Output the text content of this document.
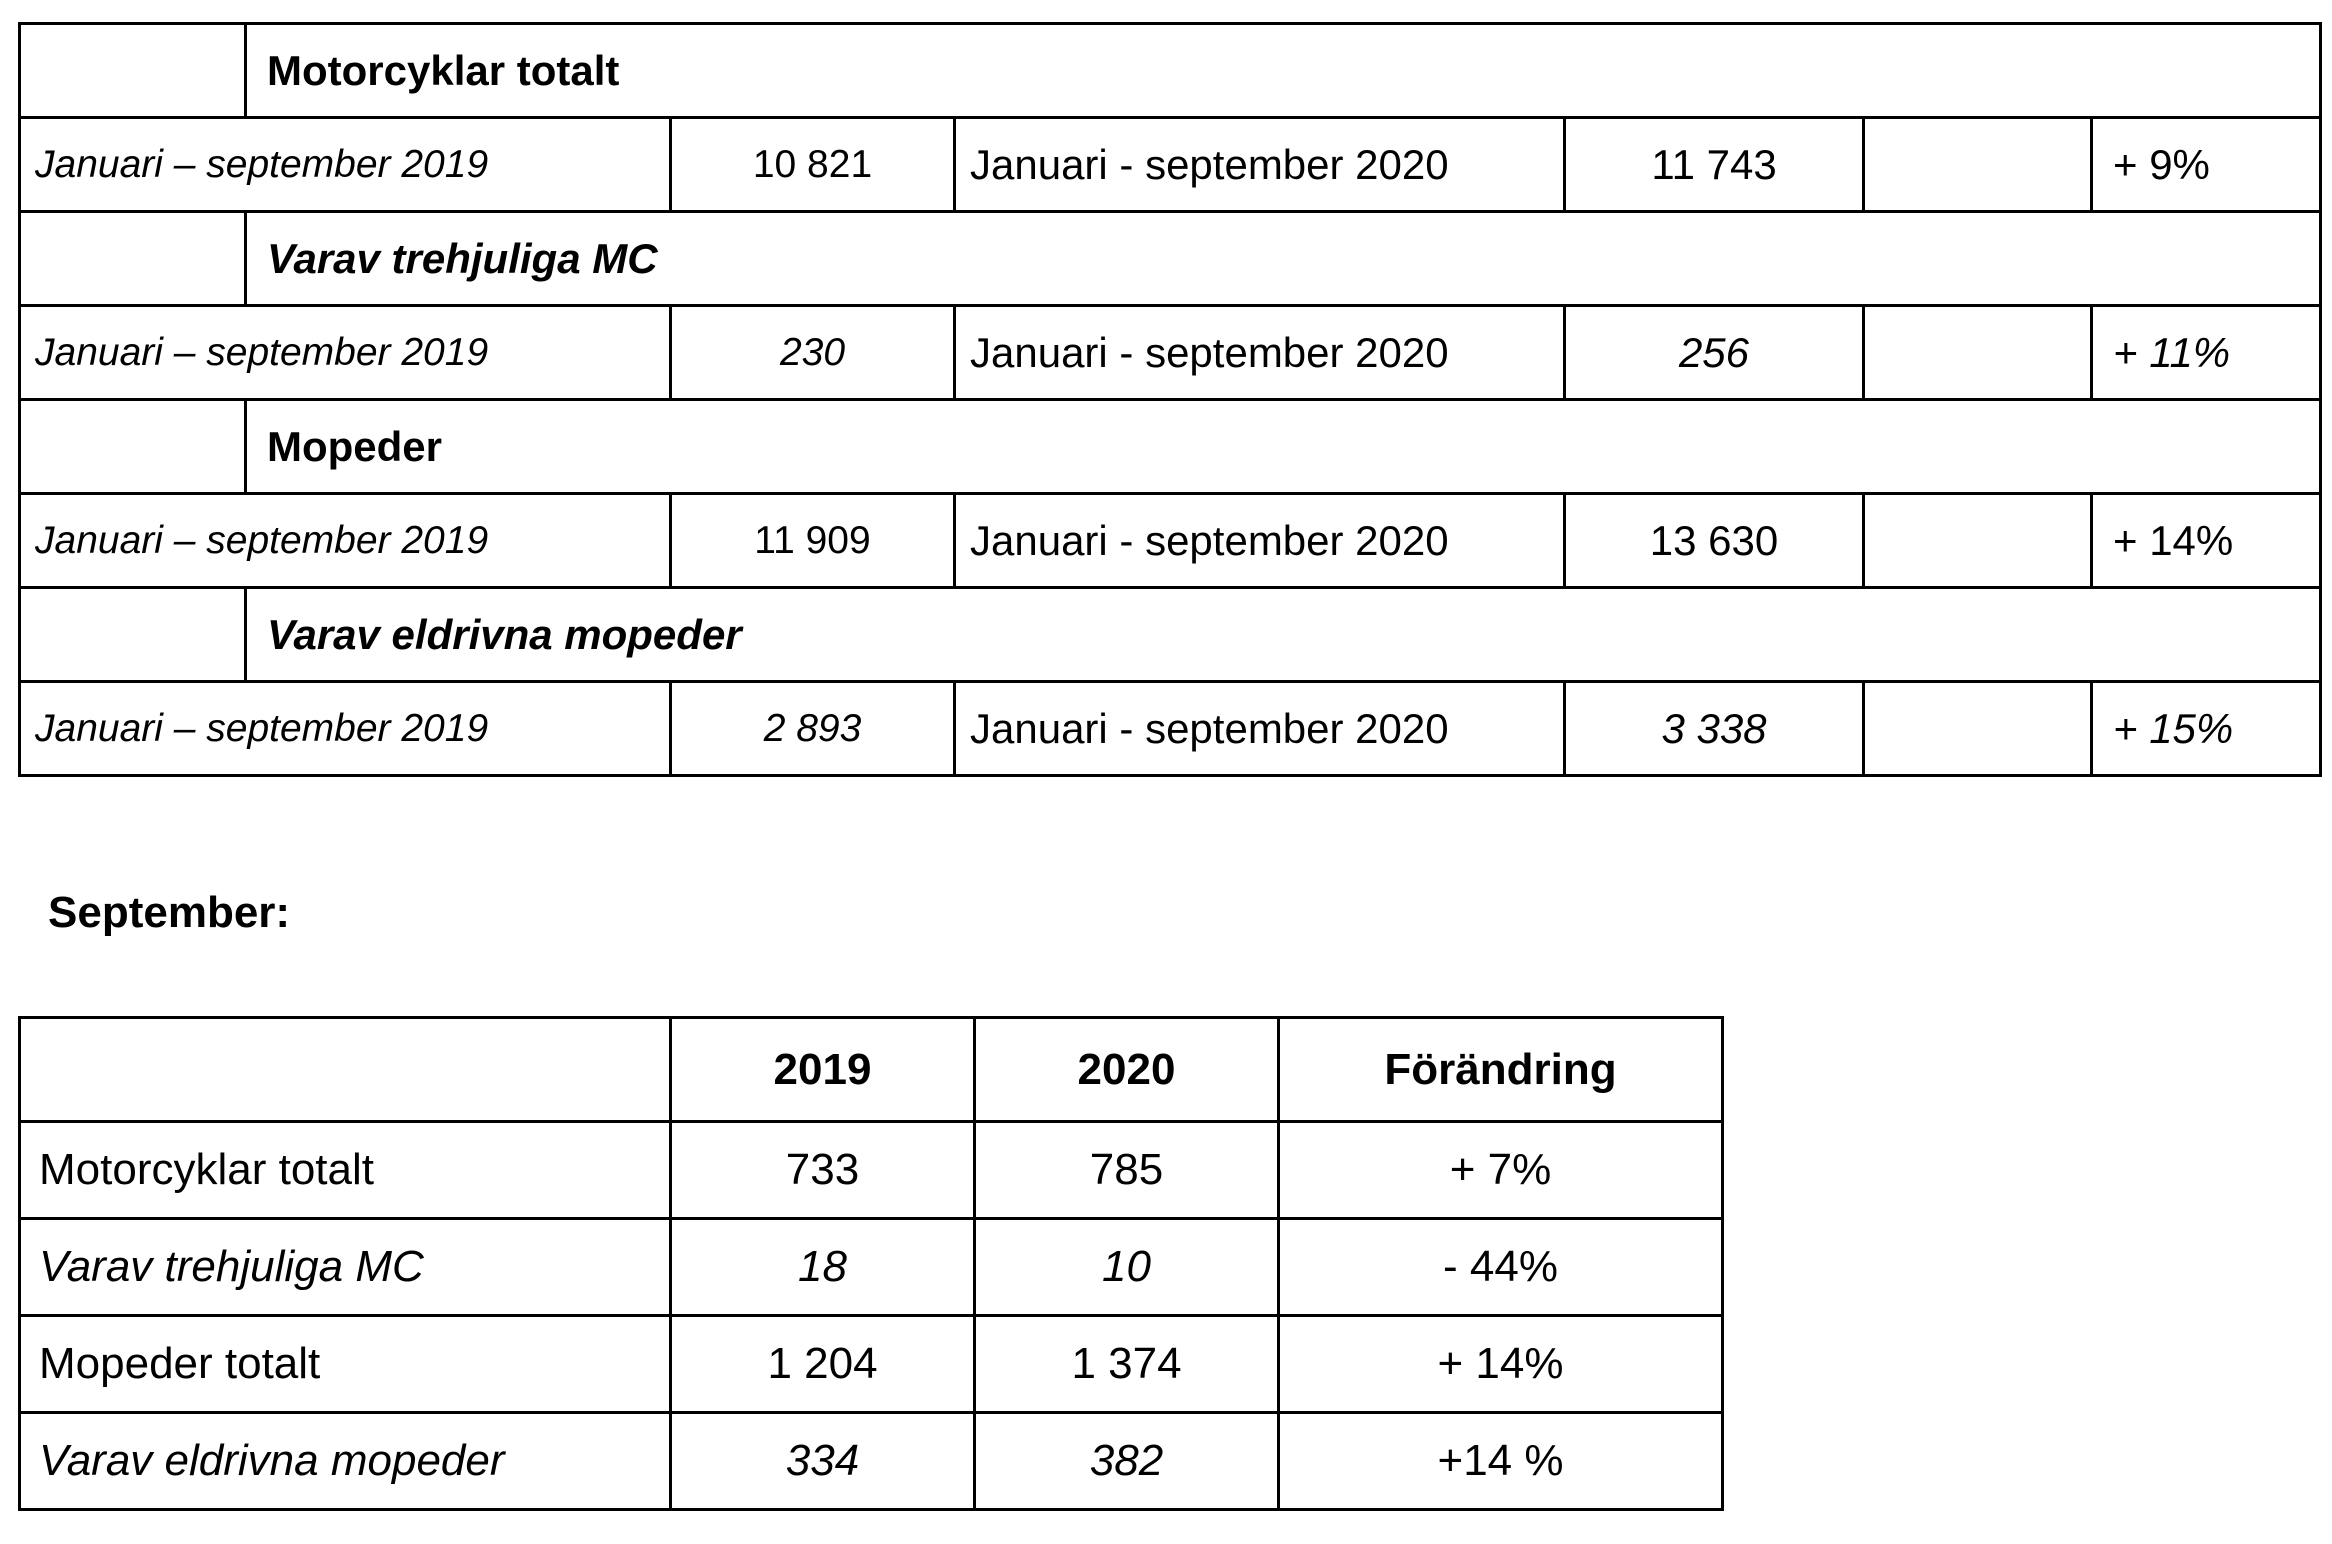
	Motorcyklar totalt					
Januari – september 2019		10 821	Januari - september 2020	11 743		+ 9%
	Varav trehjuliga MC					
Januari – september 2019		230	Januari - september 2020	256		+ 11%
	Mopeder					
Januari – september 2019		11 909	Januari - september 2020	13 630		+ 14%
	Varav eldrivna mopeder					
Januari – september 2019		2 893	Januari - september 2020	3 338		+ 15%
September:
	2019	2020	Förändring
Motorcyklar totalt	733	785	+ 7%
Varav trehjuliga MC	18	10	- 44%
Mopeder totalt	1 204	1 374	+ 14%
Varav eldrivna mopeder	334	382	+14 %
